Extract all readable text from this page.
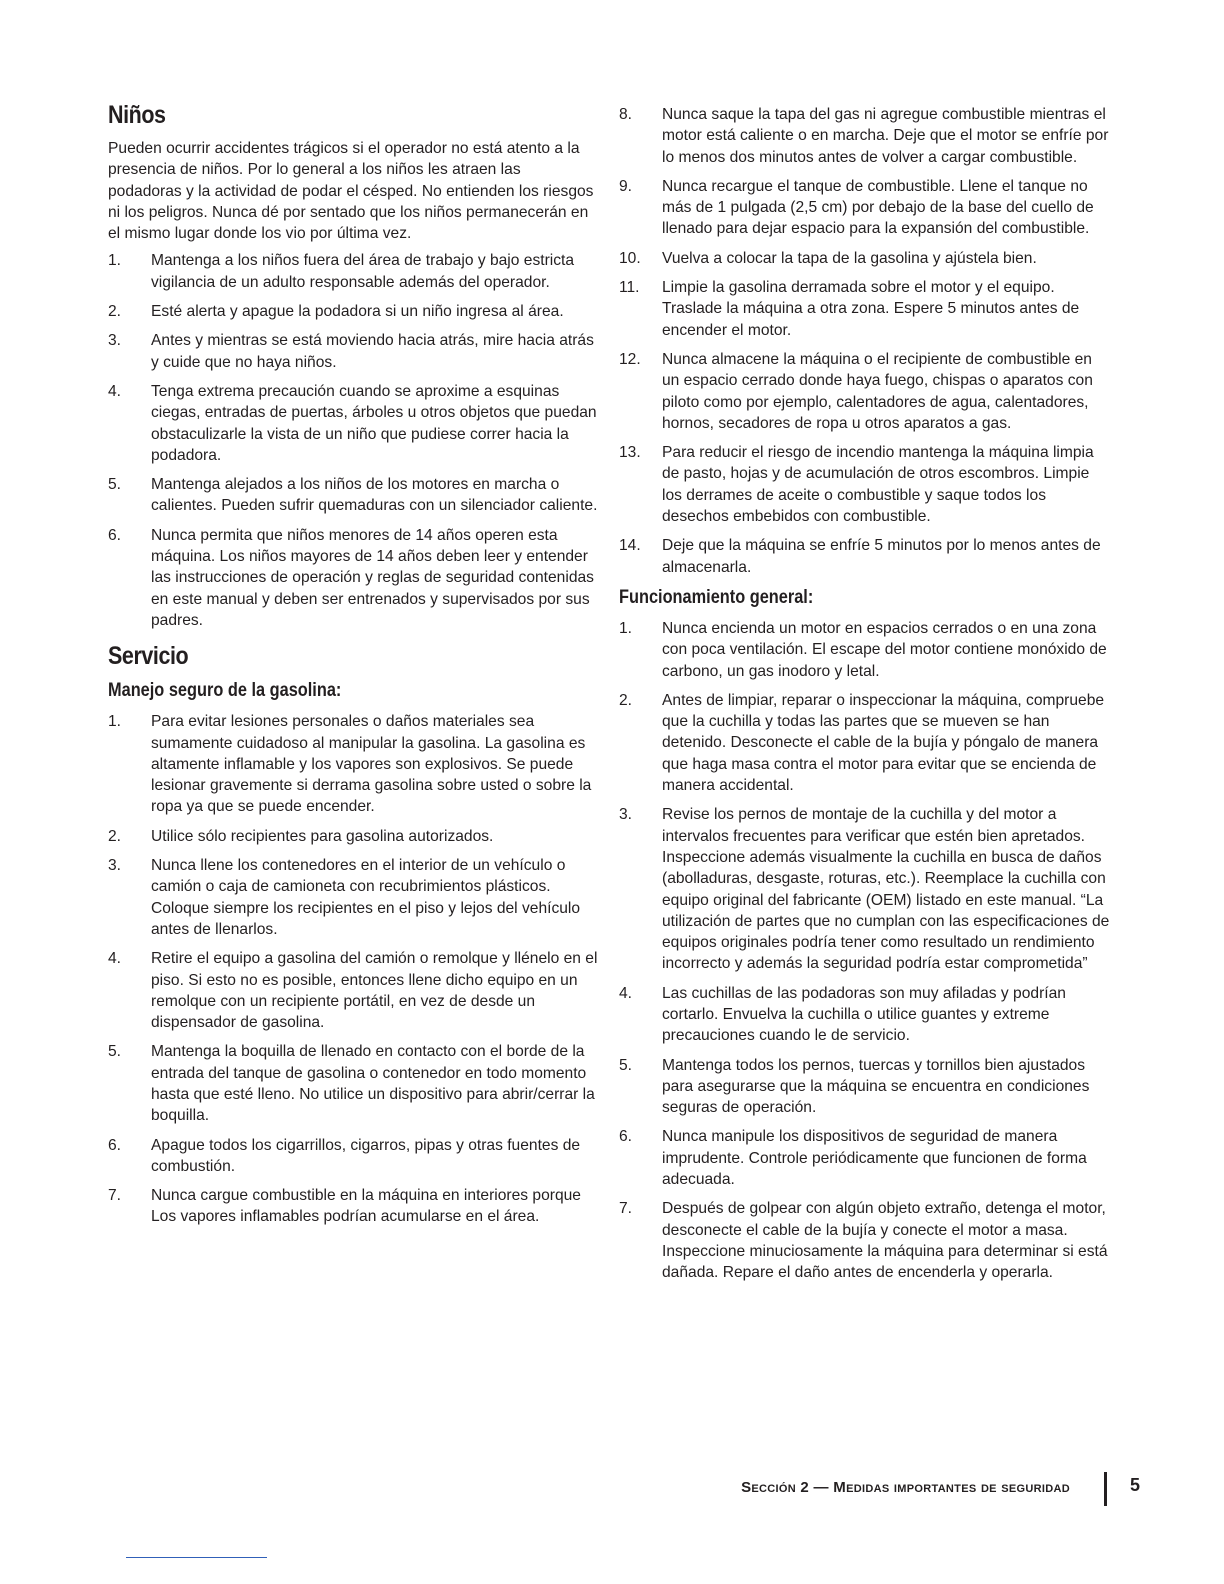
Niños

Pueden ocurrir accidentes trágicos si el operador no está atento a la presencia de niños. Por lo general a los niños les atraen las podadoras y la actividad de podar el césped. No entienden los riesgos ni los peligros. Nunca dé por sentado que los niños permanecerán en el mismo lugar donde los vio por última vez.

1. Mantenga a los niños fuera del área de trabajo y bajo estricta vigilancia de un adulto responsable además del operador.
2. Esté alerta y apague la podadora si un niño ingresa al área.
3. Antes y mientras se está moviendo hacia atrás, mire hacia atrás y cuide que no haya niños.
4. Tenga extrema precaución cuando se aproxime a esquinas ciegas, entradas de puertas, árboles u otros objetos que puedan obstaculizarle la vista de un niño que pudiese correr hacia la podadora.
5. Mantenga alejados a los niños de los motores en marcha o calientes. Pueden sufrir quemaduras con un silenciador caliente.
6. Nunca permita que niños menores de 14 años operen esta máquina. Los niños mayores de 14 años deben leer y entender las instrucciones de operación y reglas de seguridad contenidas en este manual y deben ser entrenados y supervisados por sus padres.
Servicio
Manejo seguro de la gasolina:
1. Para evitar lesiones personales o daños materiales sea sumamente cuidadoso al manipular la gasolina. La gasolina es altamente inflamable y los vapores son explosivos. Se puede lesionar gravemente si derrama gasolina sobre usted o sobre la ropa ya que se puede encender.
2. Utilice sólo recipientes para gasolina autorizados.
3. Nunca llene los contenedores en el interior de un vehículo o camión o caja de camioneta con recubrimientos plásticos. Coloque siempre los recipientes en el piso y lejos del vehículo antes de llenarlos.
4. Retire el equipo a gasolina del camión o remolque y llénelo en el piso. Si esto no es posible, entonces llene dicho equipo en un remolque con un recipiente portátil, en vez de desde un dispensador de gasolina.
5. Mantenga la boquilla de llenado en contacto con el borde de la entrada del tanque de gasolina o contenedor en todo momento hasta que esté lleno. No utilice un dispositivo para abrir/cerrar la boquilla.
6. Apague todos los cigarrillos, cigarros, pipas y otras fuentes de combustión.
7. Nunca cargue combustible en la máquina en interiores porque Los vapores inflamables podrían acumularse en el área.
8. Nunca saque la tapa del gas ni agregue combustible mientras el motor está caliente o en marcha. Deje que el motor se enfríe por lo menos dos minutos antes de volver a cargar combustible.
9. Nunca recargue el tanque de combustible. Llene el tanque no más de 1 pulgada (2,5 cm) por debajo de la base del cuello de llenado para dejar espacio para la expansión del combustible.
10. Vuelva a colocar la tapa de la gasolina y ajústela bien.
11. Limpie la gasolina derramada sobre el motor y el equipo. Traslade la máquina a otra zona. Espere 5 minutos antes de encender el motor.
12. Nunca almacene la máquina o el recipiente de combustible en un espacio cerrado donde haya fuego, chispas o aparatos con piloto como por ejemplo, calentadores de agua, calentadores, hornos, secadores de ropa u otros aparatos a gas.
13. Para reducir el riesgo de incendio mantenga la máquina limpia de pasto, hojas y de acumulación de otros escombros. Limpie los derrames de aceite o combustible y saque todos los desechos embebidos con combustible.
14. Deje que la máquina se enfríe 5 minutos por lo menos antes de almacenarla.
Funcionamiento general:
1. Nunca encienda un motor en espacios cerrados o en una zona con poca ventilación. El escape del motor contiene monóxido de carbono, un gas inodoro y letal.
2. Antes de limpiar, reparar o inspeccionar la máquina, compruebe que la cuchilla y todas las partes que se mueven se han detenido. Desconecte el cable de la bujía y póngalo de manera que haga masa contra el motor para evitar que se encienda de manera accidental.
3. Revise los pernos de montaje de la cuchilla y del motor a intervalos frecuentes para verificar que estén bien apretados. Inspeccione además visualmente la cuchilla en busca de daños (abolladuras, desgaste, roturas, etc.). Reemplace la cuchilla con equipo original del fabricante (OEM) listado en este manual. “La utilización de partes que no cumplan con las especificaciones de equipos originales podría tener como resultado un rendimiento incorrecto y además la seguridad podría estar comprometida”
4. Las cuchillas de las podadoras son muy afiladas y podrían cortarlo. Envuelva la cuchilla o utilice guantes y extreme precauciones cuando le de servicio.
5. Mantenga todos los pernos, tuercas y tornillos bien ajustados para asegurarse que la máquina se encuentra en condiciones seguras de operación.
6. Nunca manipule los dispositivos de seguridad de manera imprudente. Controle periódicamente que funcionen de forma adecuada.
7. Después de golpear con algún objeto extraño, detenga el motor, desconecte el cable de la bujía y conecte el motor a masa. Inspeccione minuciosamente la máquina para determinar si está dañada. Repare el daño antes de encenderla y operarla.
Sección 2 — Medidas importantes de seguridad	5
